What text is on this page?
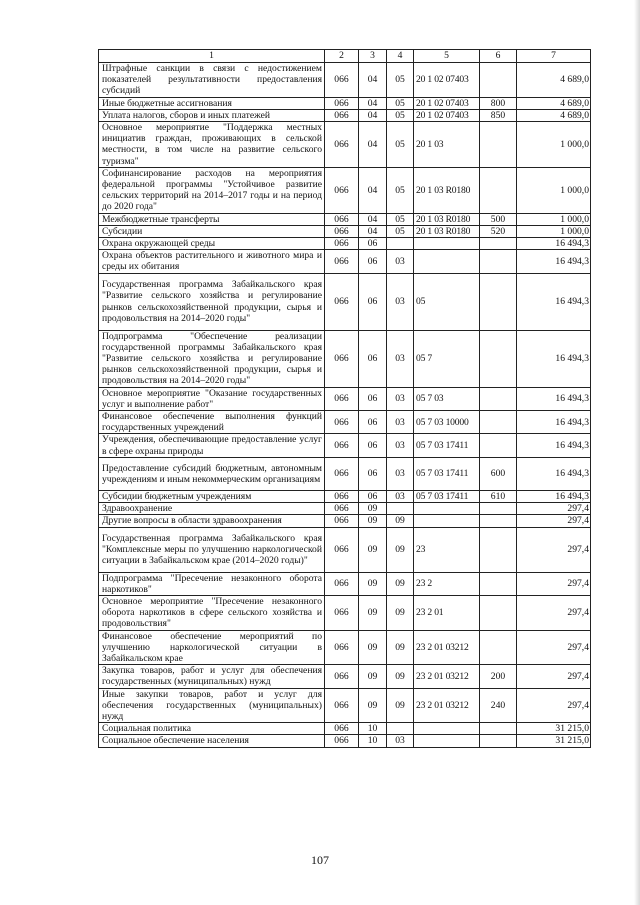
1	2	3	4	5	6	7
Штрафные санкции в связи с недостижением показателей результативности предоставления субсидий	066	04	05	20 1 02 07403		4 689,0
Иные бюджетные ассигнования	066	04	05	20 1 02 07403	800	4 689,0
Уплата налогов, сборов и иных платежей	066	04	05	20 1 02 07403	850	4 689,0
Основное мероприятие "Поддержка местных инициатив граждан, проживающих в сельской местности, в том числе на развитие сельского туризма"	066	04	05	20 1 03		1 000,0
Софинансирование расходов на мероприятия федеральной программы "Устойчивое развитие сельских территорий на 2014–2017 годы и на период до 2020 года"	066	04	05	20 1 03 R0180		1 000,0
Межбюджетные трансферты	066	04	05	20 1 03 R0180	500	1 000,0
Субсидии	066	04	05	20 1 03 R0180	520	1 000,0
Охрана окружающей среды	066	06				16 494,3
Охрана объектов растительного и животного мира и среды их обитания	066	06	03			16 494,3
Государственная программа Забайкальского края "Развитие сельского хозяйства и регулирование рынков сельскохозяйственной продукции, сырья и продовольствия на 2014–2020 годы"	066	06	03	05		16 494,3
Подпрограмма "Обеспечение реализации государственной программы Забайкальского края "Развитие сельского хозяйства и регулирование рынков сельскохозяйственной продукции, сырья и продовольствия на 2014–2020 годы"	066	06	03	05 7		16 494,3
Основное мероприятие "Оказание государственных услуг и выполнение работ"	066	06	03	05 7 03		16 494,3
Финансовое обеспечение выполнения функций государственных учреждений	066	06	03	05 7 03 10000		16 494,3
Учреждения, обеспечивающие предоставление услуг в сфере охраны природы	066	06	03	05 7 03 17411		16 494,3
Предоставление субсидий бюджетным, автономным учреждениям и иным некоммерческим организациям	066	06	03	05 7 03 17411	600	16 494,3
Субсидии бюджетным учреждениям	066	06	03	05 7 03 17411	610	16 494,3
Здравоохранение	066	09				297,4
Другие вопросы в области здравоохранения	066	09	09			297,4
Государственная программа Забайкальского края "Комплексные меры по улучшению наркологической ситуации в Забайкальском крае (2014–2020 годы)"	066	09	09	23		297,4
Подпрограмма "Пресечение незаконного оборота наркотиков"	066	09	09	23 2		297,4
Основное мероприятие "Пресечение незаконного оборота наркотиков в сфере сельского хозяйства и продовольствия"	066	09	09	23 2 01		297,4
Финансовое обеспечение мероприятий по улучшению наркологической ситуации в Забайкальском крае	066	09	09	23 2 01 03212		297,4
Закупка товаров, работ и услуг для обеспечения государственных (муниципальных) нужд	066	09	09	23 2 01 03212	200	297,4
Иные закупки товаров, работ и услуг для обеспечения государственных (муниципальных) нужд	066	09	09	23 2 01 03212	240	297,4
Социальная политика	066	10				31 215,0
Социальное обеспечение населения	066	10	03			31 215,0
107
